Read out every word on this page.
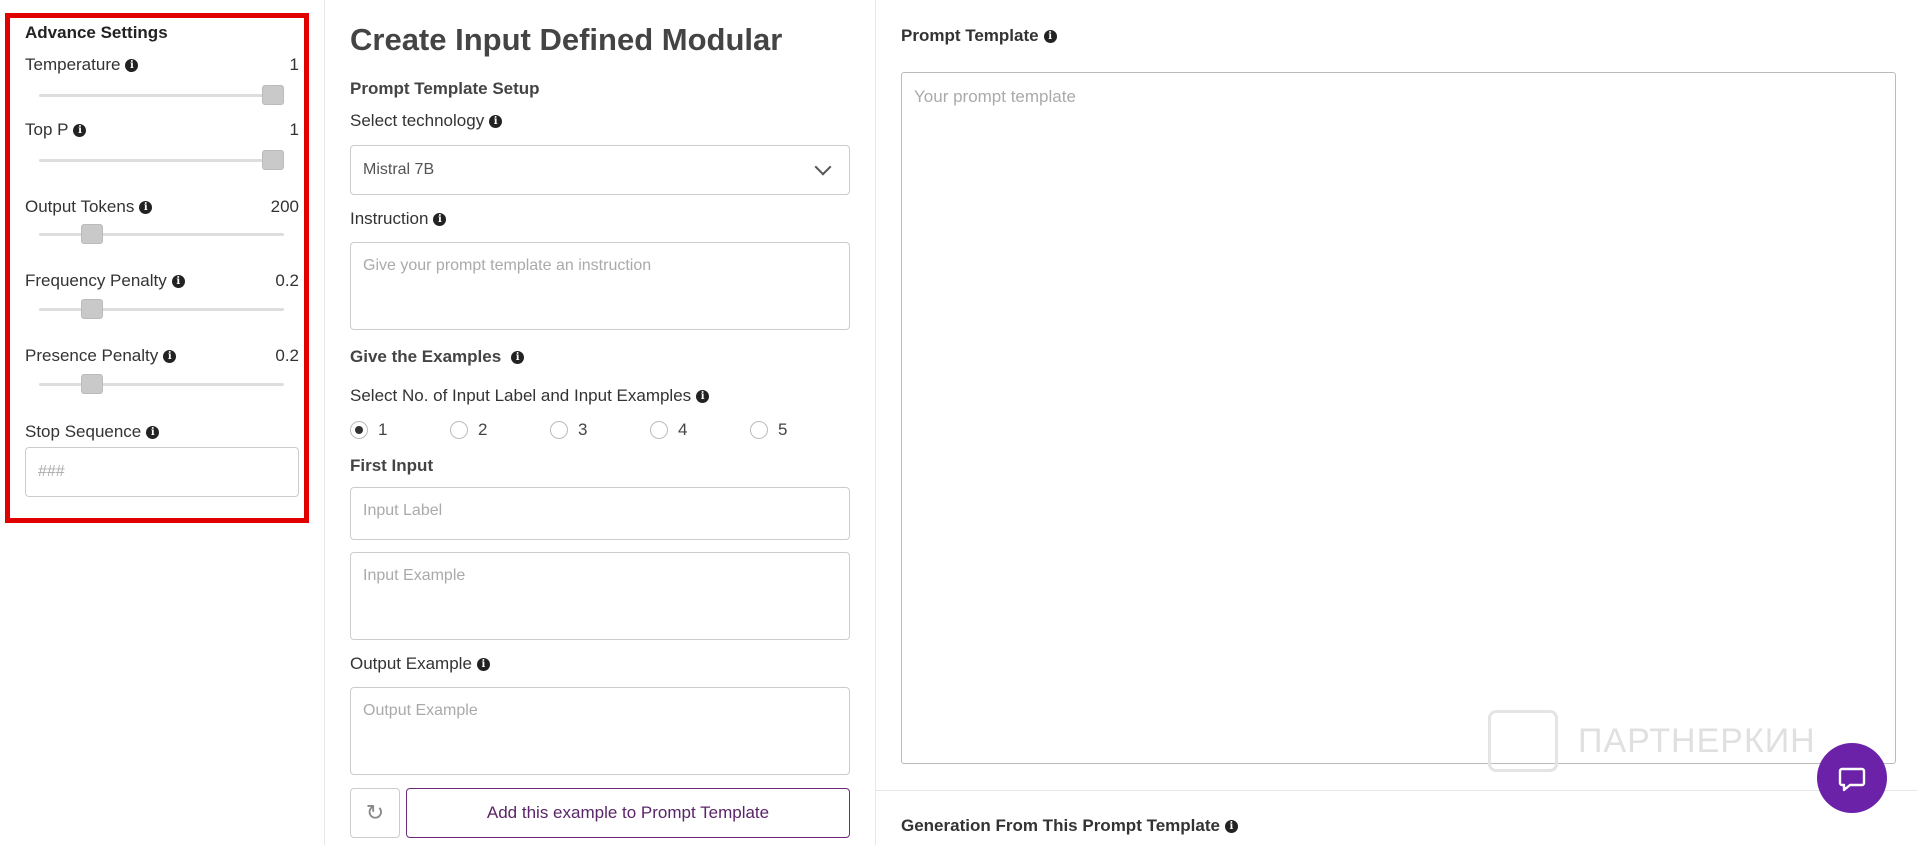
Advance Settings
Temperature i	1
Top P i	1
Output Tokens i	200
Frequency Penalty i	0.2
Presence Penalty i	0.2
Stop Sequence i
###
Create Input Defined Modular
Prompt Template Setup
Select technology i
Mistral 7B
Instruction i
Give your prompt template an instruction
Give the Examples	i
Select No. of Input Label and Input Examples i
1	2	3	4	5
First Input
Input Label
Input Example
Output Example i
Output Example
↻	Add this example to Prompt Template
Prompt Template i
Your prompt template
Generation From This Prompt Template i
ПАРТНЕРКИН
